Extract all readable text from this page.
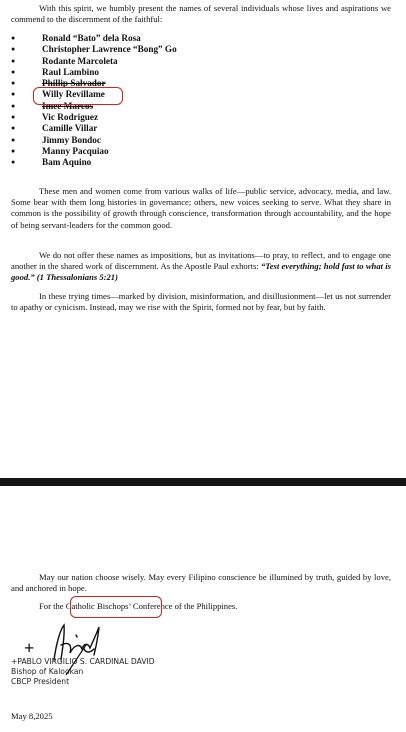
With this spirit, we humbly present the names of several individuals whose lives and aspirations we commend to the discernment of the faithful:
●	Ronald “Bato” dela Rosa
●	Christopher Lawrence “Bong” Go
●	Rodante Marcoleta
●	Raul Lambino
●	Phillip Salvador
●	Willy Revillame
●	Imee Marcos
●	Vic Rodriguez
●	Camille Villar
●	Jimmy Bondoc
●	Manny Pacquiao
●	Bam Aquino
These men and women come from various walks of life—public service, advocacy, media, and law. Some bear with them long histories in governance; others, new voices seeking to serve. What they share in common is the possibility of growth through conscience, transformation through accountability, and the hope of being servant-leaders for the common good.
We do not offer these names as impositions, but as invitations—to pray, to reflect, and to engage one another in the shared work of discernment. As the Apostle Paul exhorts: “Test everything; hold fast to what is good.” (1 Thessalonians 5:21)
In these trying times—marked by division, misinformation, and disillusionment—let us not surrender to apathy or cynicism. Instead, may we rise with the Spirit, formed not by fear, but by faith.
May our nation choose wisely. May every Filipino conscience be illumined by truth, guided by love, and anchored in hope.
For the Catholic Bischops’ Conference of the Philippines.
+
+PABLO VIRGILIO S. CARDINAL DAVID
Bishop of Kalookan
CBCP President
May 8,2025
